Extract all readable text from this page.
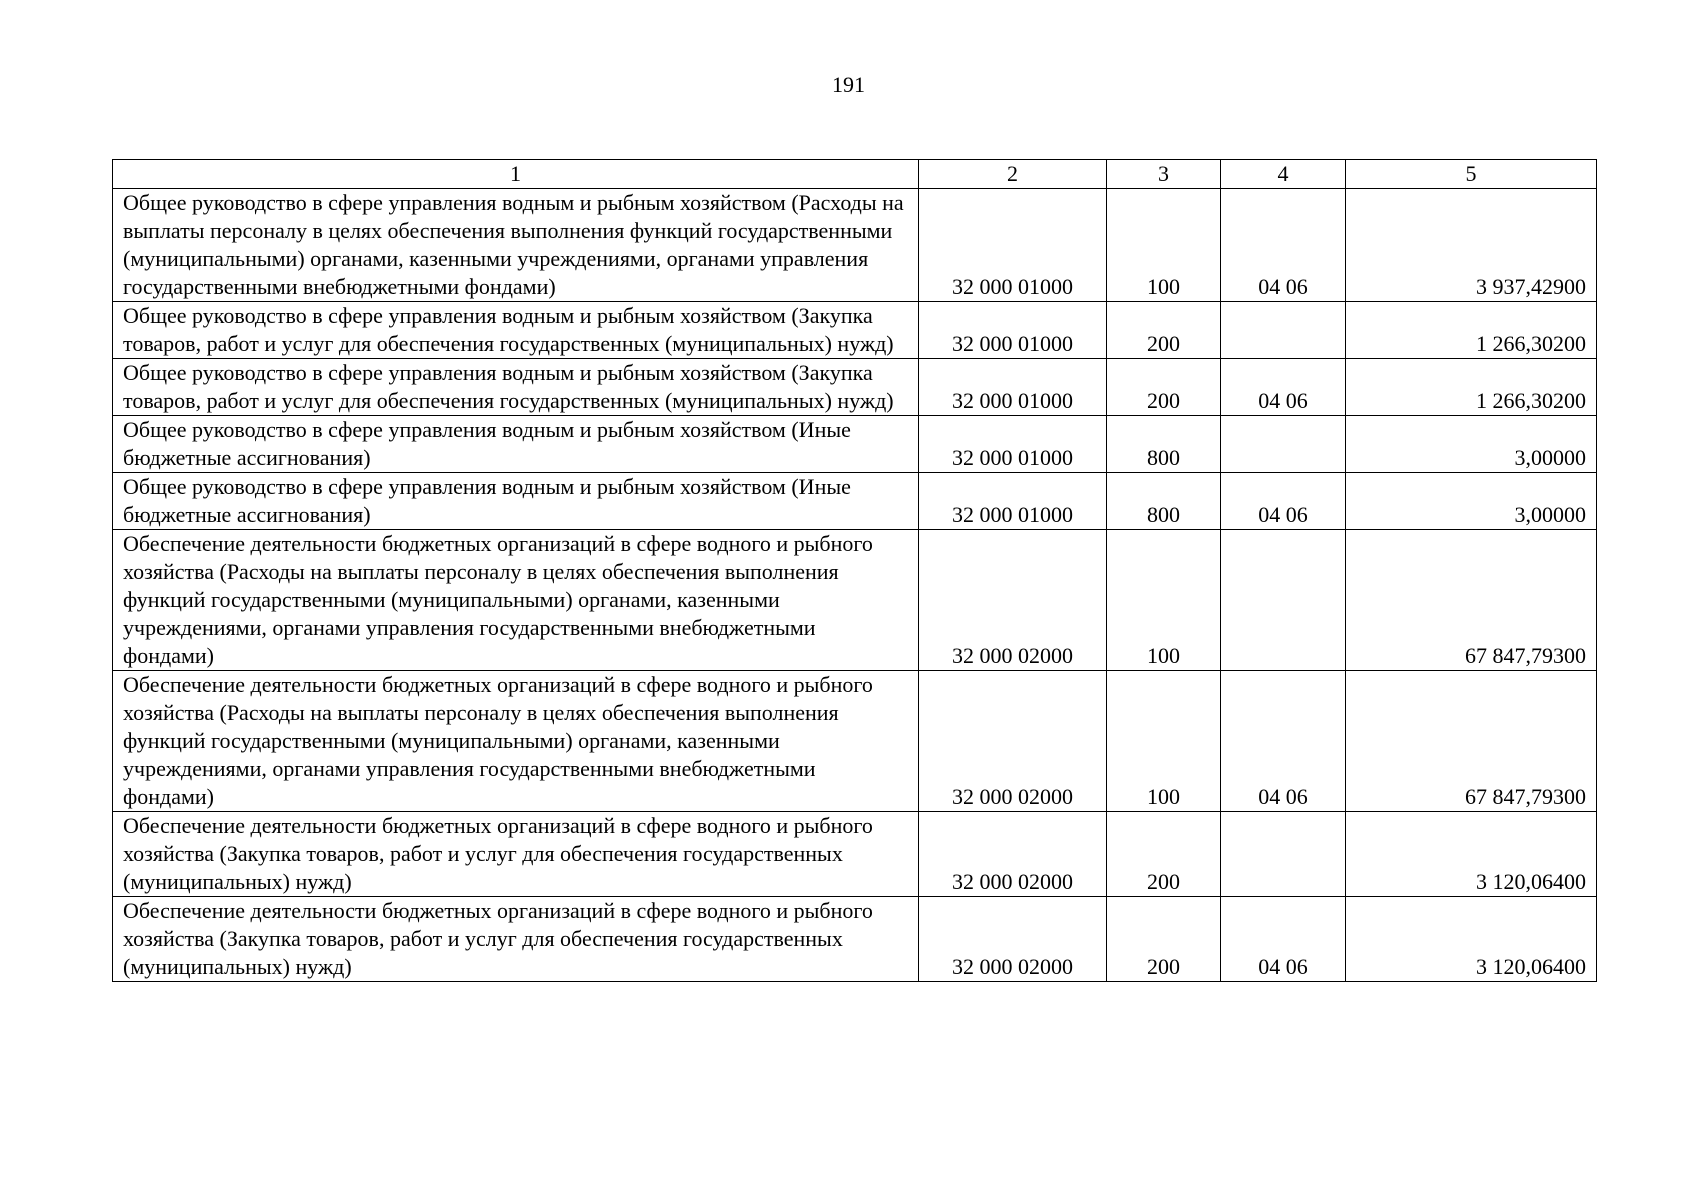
191
1	2	3	4	5
Общее руководство в сфере управления водным и рыбным хозяйством (Расходы на выплаты персоналу в целях обеспечения выполнения функций государственными (муниципальными) органами, казенными учреждениями, органами управления государственными внебюджетными фондами)	32 000 01000	100	04 06	3 937,42900
Общее руководство в сфере управления водным и рыбным хозяйством (Закупка товаров, работ и услуг для обеспечения государственных (муниципальных) нужд)	32 000 01000	200		1 266,30200
Общее руководство в сфере управления водным и рыбным хозяйством (Закупка товаров, работ и услуг для обеспечения государственных (муниципальных) нужд)	32 000 01000	200	04 06	1 266,30200
Общее руководство в сфере управления водным и рыбным хозяйством (Иные бюджетные ассигнования)	32 000 01000	800		3,00000
Общее руководство в сфере управления водным и рыбным хозяйством (Иные бюджетные ассигнования)	32 000 01000	800	04 06	3,00000
Обеспечение деятельности бюджетных организаций в сфере водного и рыбного хозяйства (Расходы на выплаты персоналу в целях обеспечения выполнения функций государственными (муниципальными) органами, казенными учреждениями, органами управления государственными внебюджетными фондами)	32 000 02000	100		67 847,79300
Обеспечение деятельности бюджетных организаций в сфере водного и рыбного хозяйства (Расходы на выплаты персоналу в целях обеспечения выполнения функций государственными (муниципальными) органами, казенными учреждениями, органами управления государственными внебюджетными фондами)	32 000 02000	100	04 06	67 847,79300
Обеспечение деятельности бюджетных организаций в сфере водного и рыбного хозяйства (Закупка товаров, работ и услуг для обеспечения государственных (муниципальных) нужд)	32 000 02000	200		3 120,06400
Обеспечение деятельности бюджетных организаций в сфере водного и рыбного хозяйства (Закупка товаров, работ и услуг для обеспечения государственных (муниципальных) нужд)	32 000 02000	200	04 06	3 120,06400
